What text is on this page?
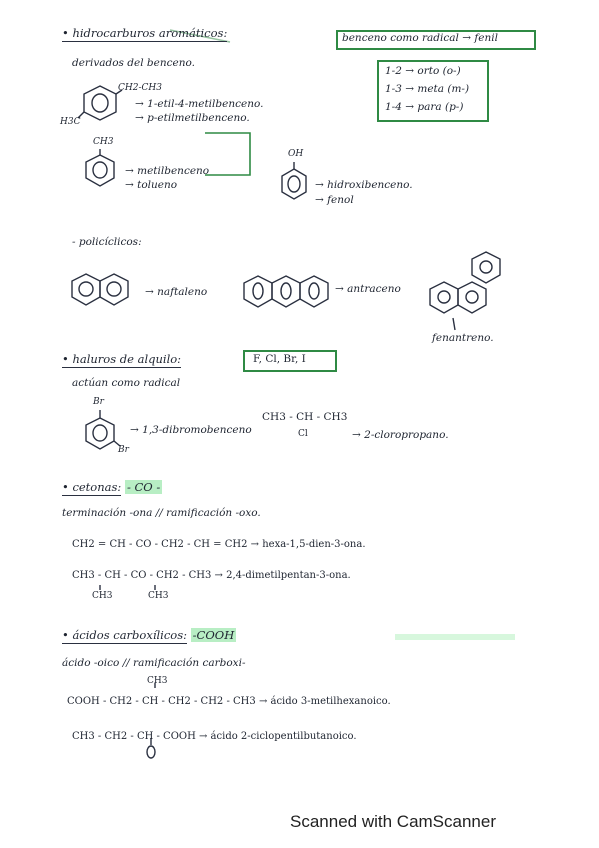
• hidrocarburos aromáticos:
derivados del benceno.
benceno como radical → fenil
1-2 → orto (o-)
1-3 → meta (m-)
1-4 → para (p-)
CH2-CH3
H3C
→ 1-etil-4-metilbenceno.
→ p-etilmetilbenceno.
CH3
→ metilbenceno
→ tolueno
OH
→ hidroxibenceno.
→ fenol
- policíclicos:
→ naftaleno	→ antraceno
fenantreno.
• haluros de alquilo:	F, Cl, Br, I
actúan como radical
Br
Br
→ 1,3-dibromobenceno
CH3 - CH - CH3
Cl	→ 2-cloropropano.
• cetonas: - CO -
terminación -ona // ramificación -oxo.
CH2 = CH - CO - CH2 - CH = CH2 → hexa-1,5-dien-3-ona.
CH3 - CH - CO - CH2 - CH3 → 2,4-dimetilpentan-3-ona.
CH3	CH3
• ácidos carboxílicos: -COOH
ácido -oico // ramificación carboxi-
CH3
COOH - CH2 - CH - CH2 - CH2 - CH3 → ácido 3-metilhexanoico.
CH3 - CH2 - CH - COOH → ácido 2-ciclopentilbutanoico.
Scanned with CamScanner
